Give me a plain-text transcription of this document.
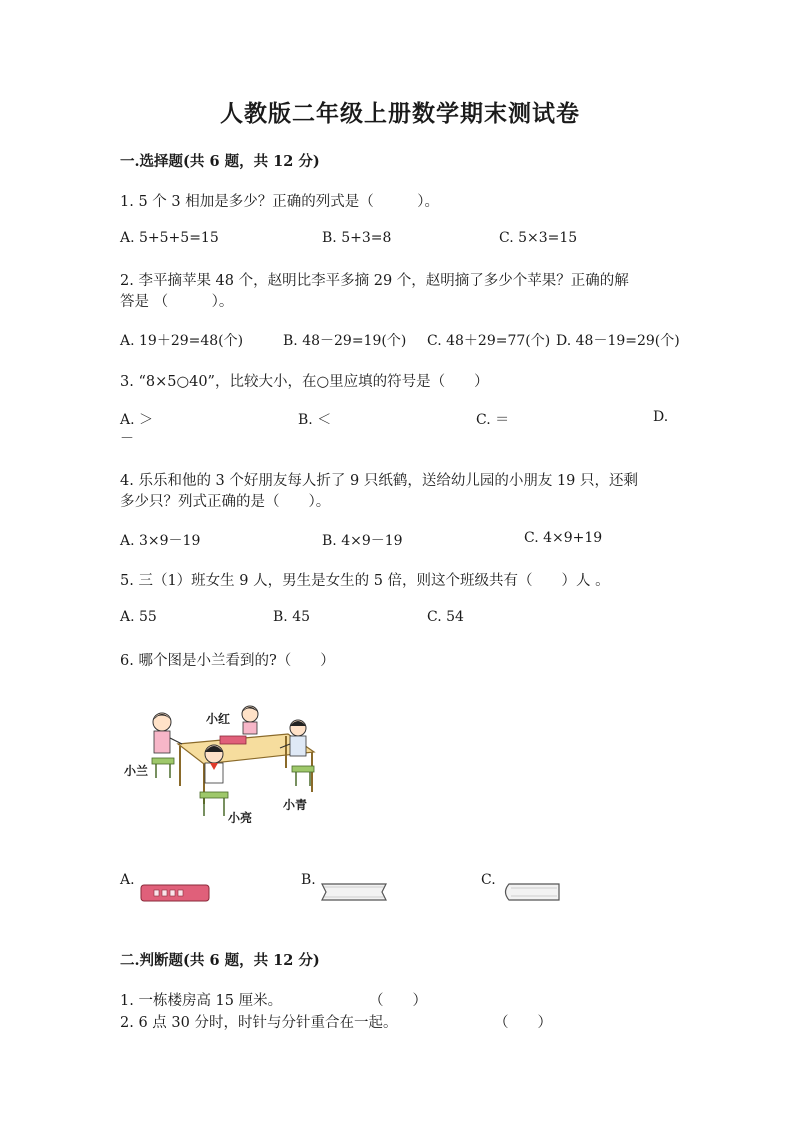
人教版二年级上册数学期末测试卷
一.选择题(共 6 题，共 12 分)
1. 5 个 3 相加是多少？正确的列式是（　　　）。
A. 5+5+5=15	B. 5+3=8	C. 5×3=15
2. 李平摘苹果 48 个，赵明比李平多摘 29 个，赵明摘了多少个苹果？正确的解
答是 （　　　）。
A. 19＋29=48(个)	B. 48－29=19(个) C. 48＋29=77(个) D. 48－19=29(个)
3. “8×5○40”，比较大小，在○里应填的符号是（　　）
A. ＞	B. ＜	C. ＝	D.
－
4. 乐乐和他的 3 个好朋友每人折了 9 只纸鹤，送给幼儿园的小朋友 19 只，还剩
多少只？列式正确的是（　　）。
A. 3×9－19	B. 4×9－19	C. 4×9+19
5. 三（1）班女生 9 人，男生是女生的 5 倍，则这个班级共有（　　）人 。
A. 55	B. 45	C. 54
6. 哪个图是小兰看到的?（　　）
小红
小兰
小亮
小青
A.	B.	C.
二.判断题(共 6 题，共 12 分)
1. 一栋楼房高 15 厘米。	（　　）
2. 6 点 30 分时，时针与分针重合在一起。	（　　）
